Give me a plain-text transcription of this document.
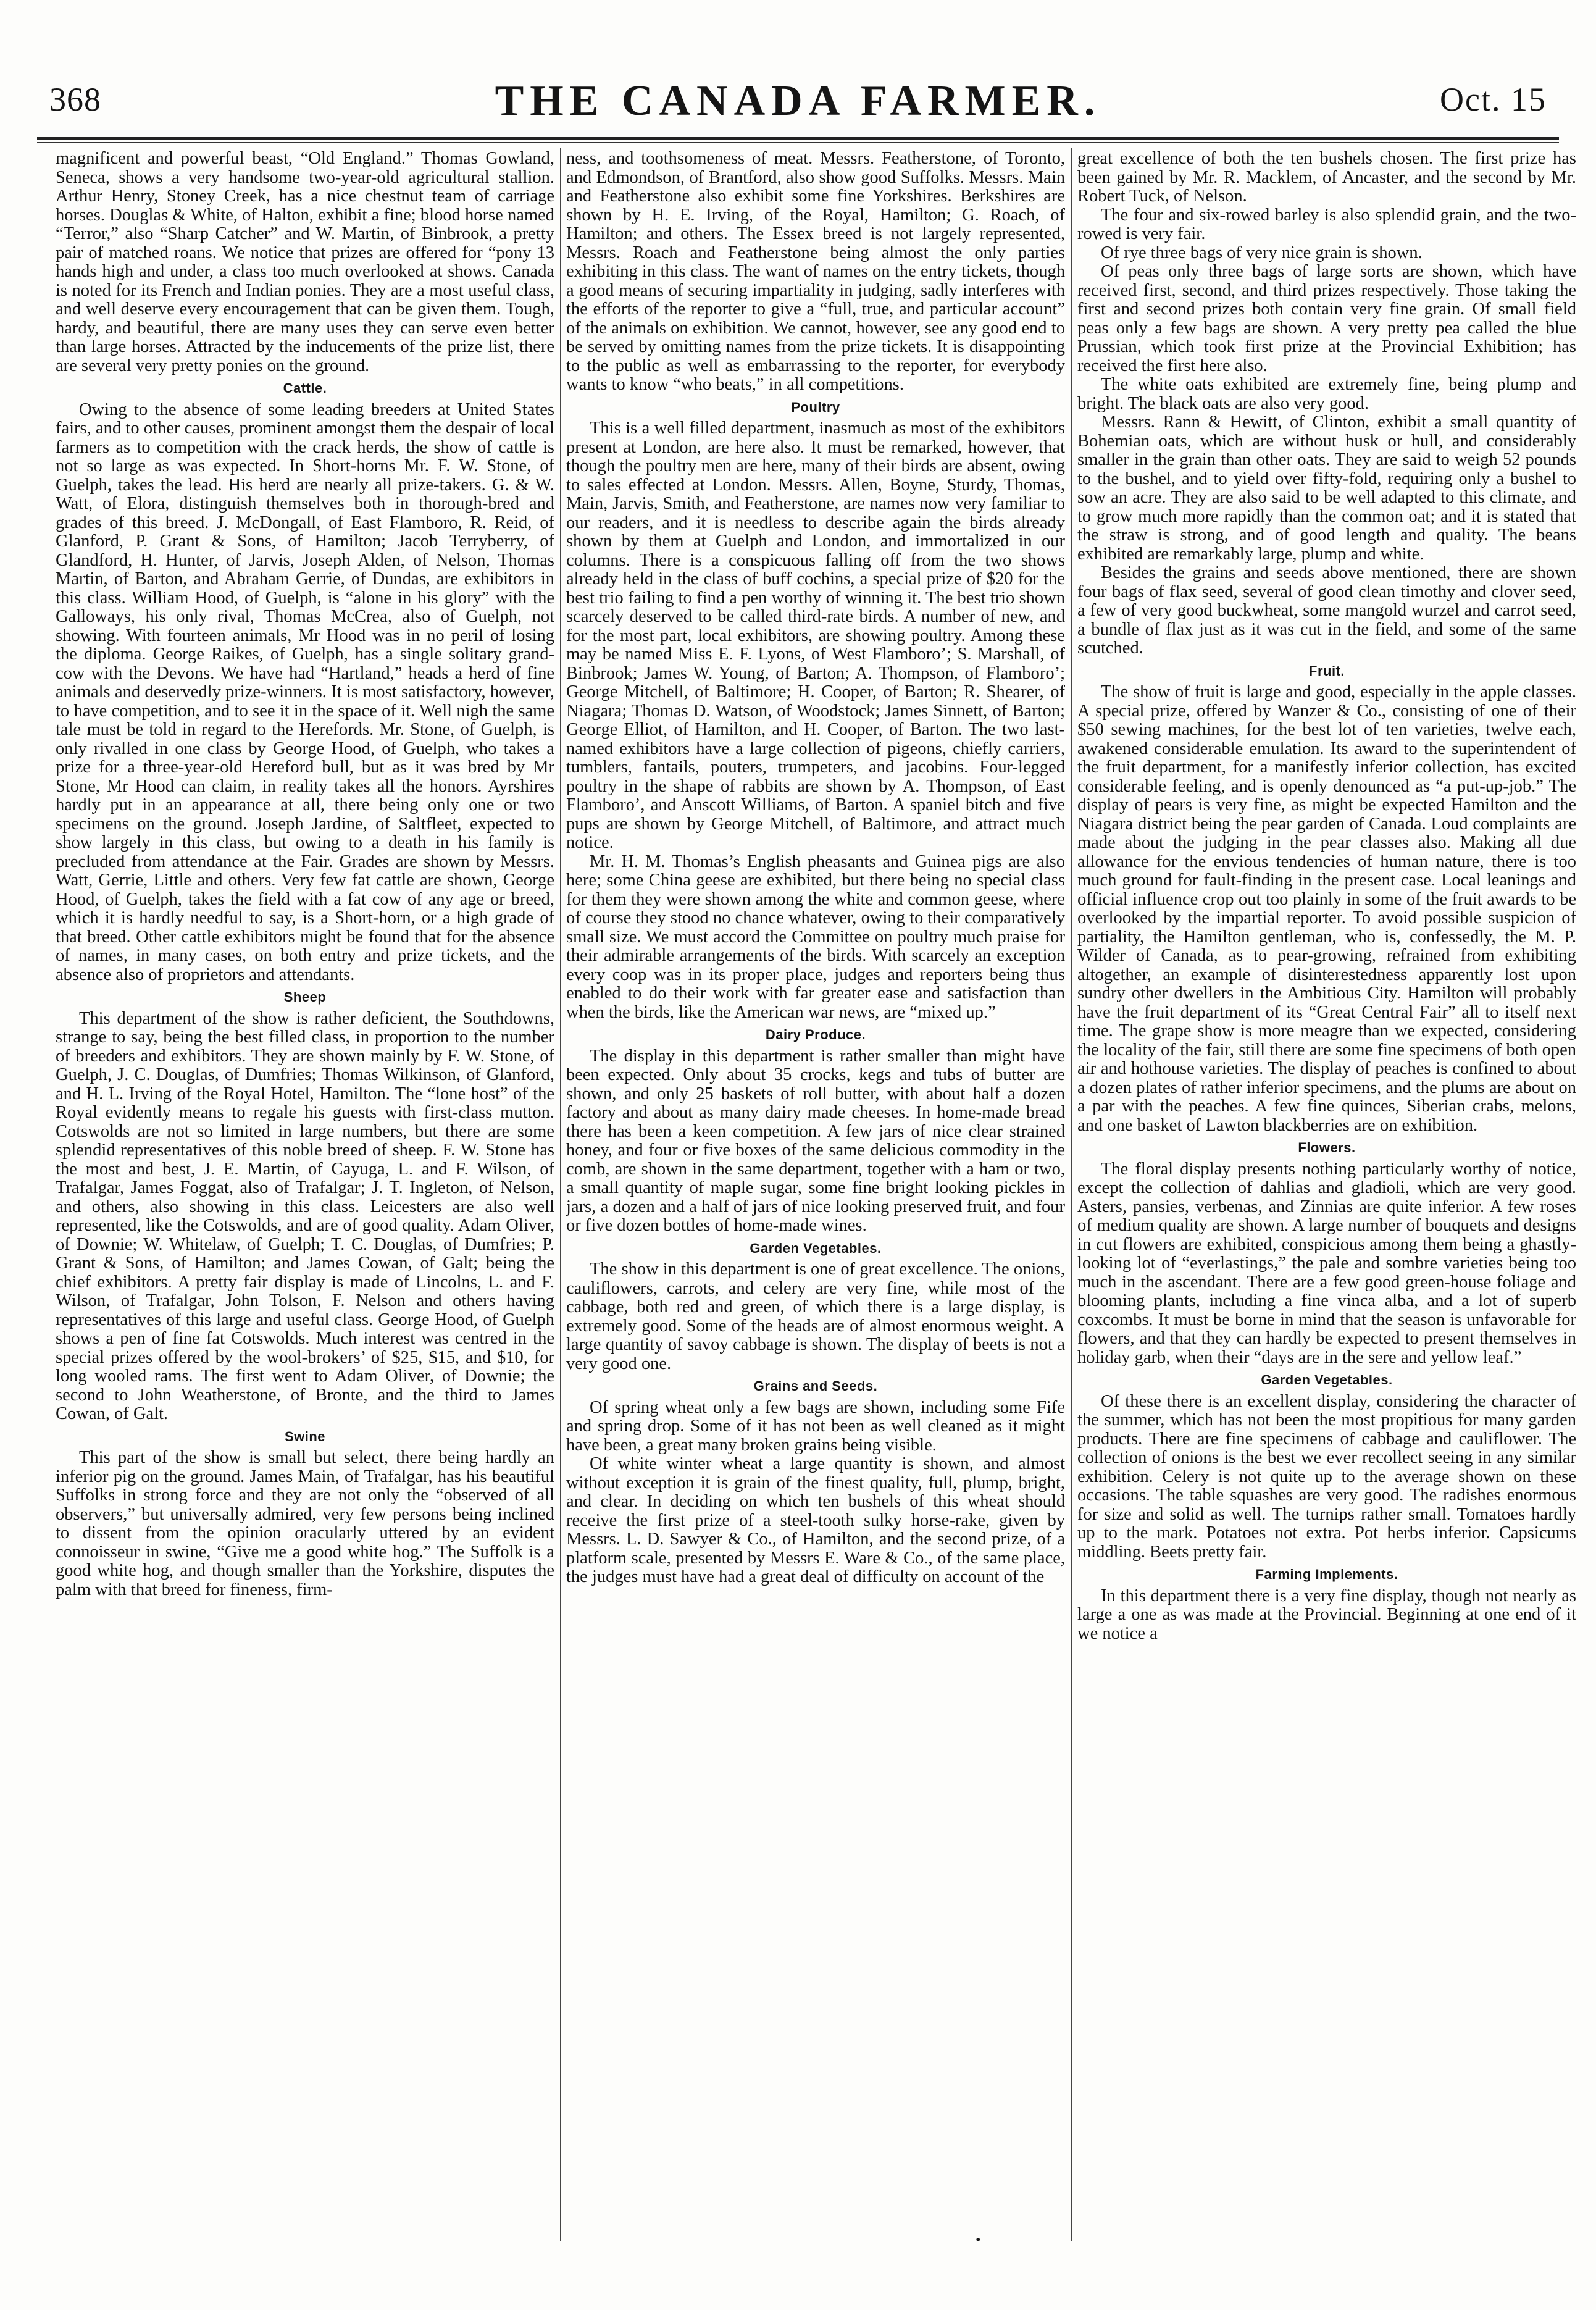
368	THE CANADA FARMER.	Oct. 15

magnificent and powerful beast, “Old England.” Thomas Gowland, Seneca, shows a very handsome two-year-old agricultural stallion. Arthur Henry, Stoney Creek, has a nice chestnut team of carriage horses. Douglas & White, of Halton, exhibit a fine; blood horse named “Terror,” also “Sharp Catcher” and W. Martin, of Binbrook, a pretty pair of matched roans. We notice that prizes are offered for “pony 13 hands high and under, a class too much overlooked at shows. Canada is noted for its French and Indian ponies. They are a most useful class, and well deserve every encouragement that can be given them. Tough, hardy, and beautiful, there are many uses they can serve even better than large horses. Attracted by the inducements of the prize list, there are several very pretty ponies on the ground.

Cattle.

Owing to the absence of some leading breeders at United States fairs, and to other causes, prominent amongst them the despair of local farmers as to competition with the crack herds, the show of cattle is not so large as was expected. In Short-horns Mr. F. W. Stone, of Guelph, takes the lead. His herd are nearly all prize-takers. G. & W. Watt, of Elora, distinguish themselves both in thorough-bred and grades of this breed. J. McDongall, of East Flamboro, R. Reid, of Glanford, P. Grant & Sons, of Hamilton; Jacob Terryberry, of Glandford, H. Hunter, of Jarvis, Joseph Alden, of Nelson, Thomas Martin, of Barton, and Abraham Gerrie, of Dundas, are exhibitors in this class. William Hood, of Guelph, is “alone in his glory” with the Galloways, his only rival, Thomas McCrea, also of Guelph, not showing. With fourteen animals, Mr Hood was in no peril of losing the diploma. George Raikes, of Guelph, has a single solitary grand-cow with the Devons. We have had “Hartland,” heads a herd of fine animals and deservedly prize-winners. It is most satisfactory, however, to have competition, and to see it in the space of it. Well nigh the same tale must be told in regard to the Herefords. Mr. Stone, of Guelph, is only rivalled in one class by George Hood, of Guelph, who takes a prize for a three-year-old Hereford bull, but as it was bred by Mr Stone, Mr Hood can claim, in reality takes all the honors. Ayrshires hardly put in an appearance at all, there being only one or two specimens on the ground. Joseph Jardine, of Saltfleet, expected to show largely in this class, but owing to a death in his family is precluded from attendance at the Fair. Grades are shown by Messrs. Watt, Gerrie, Little and others. Very few fat cattle are shown, George Hood, of Guelph, takes the field with a fat cow of any age or breed, which it is hardly needful to say, is a Short-horn, or a high grade of that breed. Other cattle exhibitors might be found that for the absence of names, in many cases, on both entry and prize tickets, and the absence also of proprietors and attendants.

Sheep

This department of the show is rather deficient, the Southdowns, strange to say, being the best filled class, in proportion to the number of breeders and exhibitors. They are shown mainly by F. W. Stone, of Guelph, J. C. Douglas, of Dumfries; Thomas Wilkinson, of Glanford, and H. L. Irving of the Royal Hotel, Hamilton. The “lone host” of the Royal evidently means to regale his guests with first-class mutton. Cotswolds are not so limited in large numbers, but there are some splendid representatives of this noble breed of sheep. F. W. Stone has the most and best, J. E. Martin, of Cayuga, L. and F. Wilson, of Trafalgar, James Foggat, also of Trafalgar; J. T. Ingleton, of Nelson, and others, also showing in this class. Leicesters are also well represented, like the Cotswolds, and are of good quality. Adam Oliver, of Downie; W. Whitelaw, of Guelph; T. C. Douglas, of Dumfries; P. Grant & Sons, of Hamilton; and James Cowan, of Galt; being the chief exhibitors. A pretty fair display is made of Lincolns, L. and F. Wilson, of Trafalgar, John Tolson, F. Nelson and others having representatives of this large and useful class. George Hood, of Guelph shows a pen of fine fat Cotswolds. Much interest was centred in the special prizes offered by the wool-brokers’ of $25, $15, and $10, for long wooled rams. The first went to Adam Oliver, of Downie; the second to John Weatherstone, of Bronte, and the third to James Cowan, of Galt.

Swine

This part of the show is small but select, there being hardly an inferior pig on the ground. James Main, of Trafalgar, has his beautiful Suffolks in strong force and they are not only the “observed of all observers,” but universally admired, very few persons being inclined to dissent from the opinion oracularly uttered by an evident connoisseur in swine, “Give me a good white hog.” The Suffolk is a good white hog, and though smaller than the Yorkshire, disputes the palm with that breed for fineness, firm-

ness, and toothsomeness of meat. Messrs. Featherstone, of Toronto, and Edmondson, of Brantford, also show good Suffolks. Messrs. Main and Featherstone also exhibit some fine Yorkshires. Berkshires are shown by H. E. Irving, of the Royal, Hamilton; G. Roach, of Hamilton; and others. The Essex breed is not largely represented, Messrs. Roach and Featherstone being almost the only parties exhibiting in this class. The want of names on the entry tickets, though a good means of securing impartiality in judging, sadly interferes with the efforts of the reporter to give a “full, true, and particular account” of the animals on exhibition. We cannot, however, see any good end to be served by omitting names from the prize tickets. It is disappointing to the public as well as embarrassing to the reporter, for everybody wants to know “who beats,” in all competitions.

Poultry

This is a well filled department, inasmuch as most of the exhibitors present at London, are here also. It must be remarked, however, that though the poultry men are here, many of their birds are absent, owing to sales effected at London. Messrs. Allen, Boyne, Sturdy, Thomas, Main, Jarvis, Smith, and Featherstone, are names now very familiar to our readers, and it is needless to describe again the birds already shown by them at Guelph and London, and immortalized in our columns. There is a conspicuous falling off from the two shows already held in the class of buff cochins, a special prize of $20 for the best trio failing to find a pen worthy of winning it. The best trio shown scarcely deserved to be called third-rate birds. A number of new, and for the most part, local exhibitors, are showing poultry. Among these may be named Miss E. F. Lyons, of West Flamboro’; S. Marshall, of Binbrook; James W. Young, of Barton; A. Thompson, of Flamboro’; George Mitchell, of Baltimore; H. Cooper, of Barton; R. Shearer, of Niagara; Thomas D. Watson, of Woodstock; James Sinnett, of Barton; George Elliot, of Hamilton, and H. Cooper, of Barton. The two last-named exhibitors have a large collection of pigeons, chiefly carriers, tumblers, fantails, pouters, trumpeters, and jacobins. Four-legged poultry in the shape of rabbits are shown by A. Thompson, of East Flamboro’, and Anscott Williams, of Barton. A spaniel bitch and five pups are shown by George Mitchell, of Baltimore, and attract much notice.

Mr. H. M. Thomas’s English pheasants and Guinea pigs are also here; some China geese are exhibited, but there being no special class for them they were shown among the white and common geese, where of course they stood no chance whatever, owing to their comparatively small size. We must accord the Committee on poultry much praise for their admirable arrangements of the birds. With scarcely an exception every coop was in its proper place, judges and reporters being thus enabled to do their work with far greater ease and satisfaction than when the birds, like the American war news, are “mixed up.”

Dairy Produce.

The display in this department is rather smaller than might have been expected. Only about 35 crocks, kegs and tubs of butter are shown, and only 25 baskets of roll butter, with about half a dozen factory and about as many dairy made cheeses. In home-made bread there has been a keen competition. A few jars of nice clear strained honey, and four or five boxes of the same delicious commodity in the comb, are shown in the same department, together with a ham or two, a small quantity of maple sugar, some fine bright looking pickles in jars, a dozen and a half of jars of nice looking preserved fruit, and four or five dozen bottles of home-made wines.

Garden Vegetables.

The show in this department is one of great excellence. The onions, cauliflowers, carrots, and celery are very fine, while most of the cabbage, both red and green, of which there is a large display, is extremely good. Some of the heads are of almost enormous weight. A large quantity of savoy cabbage is shown. The display of beets is not a very good one.

Grains and Seeds.

Of spring wheat only a few bags are shown, including some Fife and spring drop. Some of it has not been as well cleaned as it might have been, a great many broken grains being visible.

Of white winter wheat a large quantity is shown, and almost without exception it is grain of the finest quality, full, plump, bright, and clear. In deciding on which ten bushels of this wheat should receive the first prize of a steel-tooth sulky horse-rake, given by Messrs. L. D. Sawyer & Co., of Hamilton, and the second prize, of a platform scale, presented by Messrs E. Ware & Co., of the same place, the judges must have had a great deal of difficulty on account of the

great excellence of both the ten bushels chosen. The first prize has been gained by Mr. R. Macklem, of Ancaster, and the second by Mr. Robert Tuck, of Nelson.

The four and six-rowed barley is also splendid grain, and the two-rowed is very fair.

Of rye three bags of very nice grain is shown.

Of peas only three bags of large sorts are shown, which have received first, second, and third prizes respectively. Those taking the first and second prizes both contain very fine grain. Of small field peas only a few bags are shown. A very pretty pea called the blue Prussian, which took first prize at the Provincial Exhibition; has received the first here also.

The white oats exhibited are extremely fine, being plump and bright. The black oats are also very good.

Messrs. Rann & Hewitt, of Clinton, exhibit a small quantity of Bohemian oats, which are without husk or hull, and considerably smaller in the grain than other oats. They are said to weigh 52 pounds to the bushel, and to yield over fifty-fold, requiring only a bushel to sow an acre. They are also said to be well adapted to this climate, and to grow much more rapidly than the common oat; and it is stated that the straw is strong, and of good length and quality. The beans exhibited are remarkably large, plump and white.

Besides the grains and seeds above mentioned, there are shown four bags of flax seed, several of good clean timothy and clover seed, a few of very good buckwheat, some mangold wurzel and carrot seed, a bundle of flax just as it was cut in the field, and some of the same scutched.

Fruit.

The show of fruit is large and good, especially in the apple classes. A special prize, offered by Wanzer & Co., consisting of one of their $50 sewing machines, for the best lot of ten varieties, twelve each, awakened considerable emulation. Its award to the superintendent of the fruit department, for a manifestly inferior collection, has excited considerable feeling, and is openly denounced as “a put-up-job.” The display of pears is very fine, as might be expected Hamilton and the Niagara district being the pear garden of Canada. Loud complaints are made about the judging in the pear classes also. Making all due allowance for the envious tendencies of human nature, there is too much ground for fault-finding in the present case. Local leanings and official influence crop out too plainly in some of the fruit awards to be overlooked by the impartial reporter. To avoid possible suspicion of partiality, the Hamilton gentleman, who is, confessedly, the M. P. Wilder of Canada, as to pear-growing, refrained from exhibiting altogether, an example of disinterestedness apparently lost upon sundry other dwellers in the Ambitious City. Hamilton will probably have the fruit department of its “Great Central Fair” all to itself next time. The grape show is more meagre than we expected, considering the locality of the fair, still there are some fine specimens of both open air and hothouse varieties. The display of peaches is confined to about a dozen plates of rather inferior specimens, and the plums are about on a par with the peaches. A few fine quinces, Siberian crabs, melons, and one basket of Lawton blackberries are on exhibition.

Flowers.

The floral display presents nothing particularly worthy of notice, except the collection of dahlias and gladioli, which are very good. Asters, pansies, verbenas, and Zinnias are quite inferior. A few roses of medium quality are shown. A large number of bouquets and designs in cut flowers are exhibited, conspicious among them being a ghastly-looking lot of “everlastings,” the pale and sombre varieties being too much in the ascendant. There are a few good green-house foliage and blooming plants, including a fine vinca alba, and a lot of superb coxcombs. It must be borne in mind that the season is unfavorable for flowers, and that they can hardly be expected to present themselves in holiday garb, when their “days are in the sere and yellow leaf.”

Garden Vegetables.

Of these there is an excellent display, considering the character of the summer, which has not been the most propitious for many garden products. There are fine specimens of cabbage and cauliflower. The collection of onions is the best we ever recollect seeing in any similar exhibition. Celery is not quite up to the average shown on these occasions. The table squashes are very good. The radishes enormous for size and solid as well. The turnips rather small. Tomatoes hardly up to the mark. Potatoes not extra. Pot herbs inferior. Capsicums middling. Beets pretty fair.

Farming Implements.

In this department there is a very fine display, though not nearly as large a one as was made at the Provincial. Beginning at one end of it we notice a

•
